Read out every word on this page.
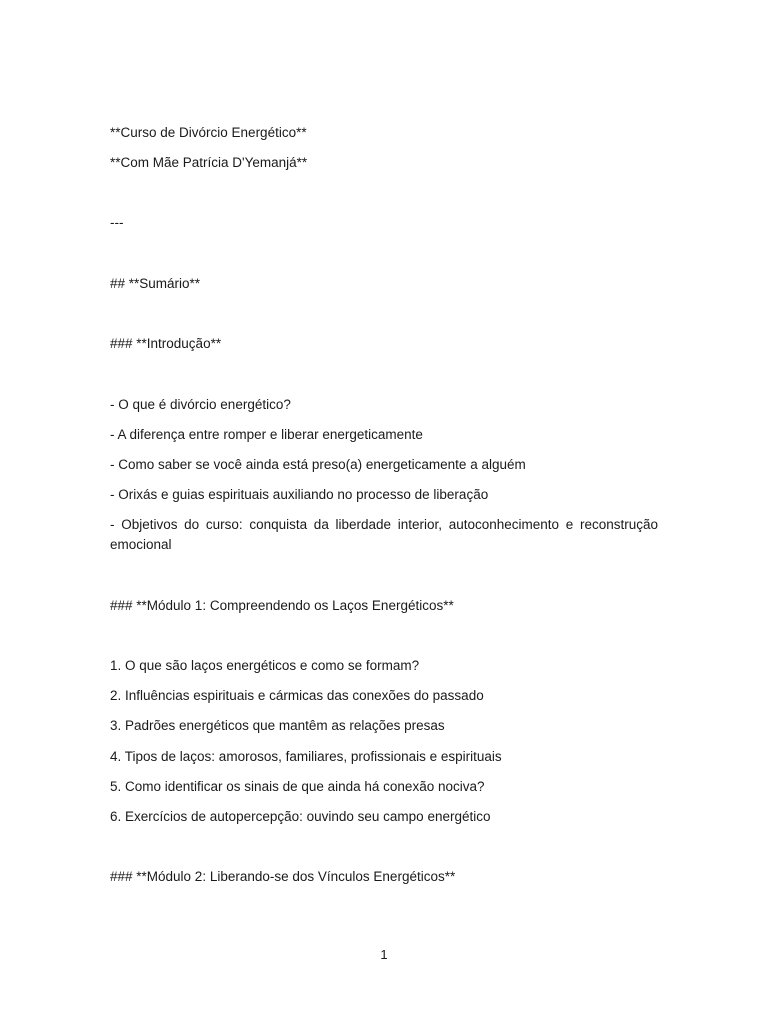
**Curso de Divórcio Energético**
**Com Mãe Patrícia D'Yemanjá**
---
## **Sumário**
### **Introdução**
- O que é divórcio energético?
- A diferença entre romper e liberar energeticamente
- Como saber se você ainda está preso(a) energeticamente a alguém
- Orixás e guias espirituais auxiliando no processo de liberação
- Objetivos do curso: conquista da liberdade interior, autoconhecimento e reconstrução emocional
### **Módulo 1: Compreendendo os Laços Energéticos**
1. O que são laços energéticos e como se formam?
2. Influências espirituais e cármicas das conexões do passado
3. Padrões energéticos que mantêm as relações presas
4. Tipos de laços: amorosos, familiares, profissionais e espirituais
5. Como identificar os sinais de que ainda há conexão nociva?
6. Exercícios de autopercepção: ouvindo seu campo energético
### **Módulo 2: Liberando-se dos Vínculos Energéticos**
1
